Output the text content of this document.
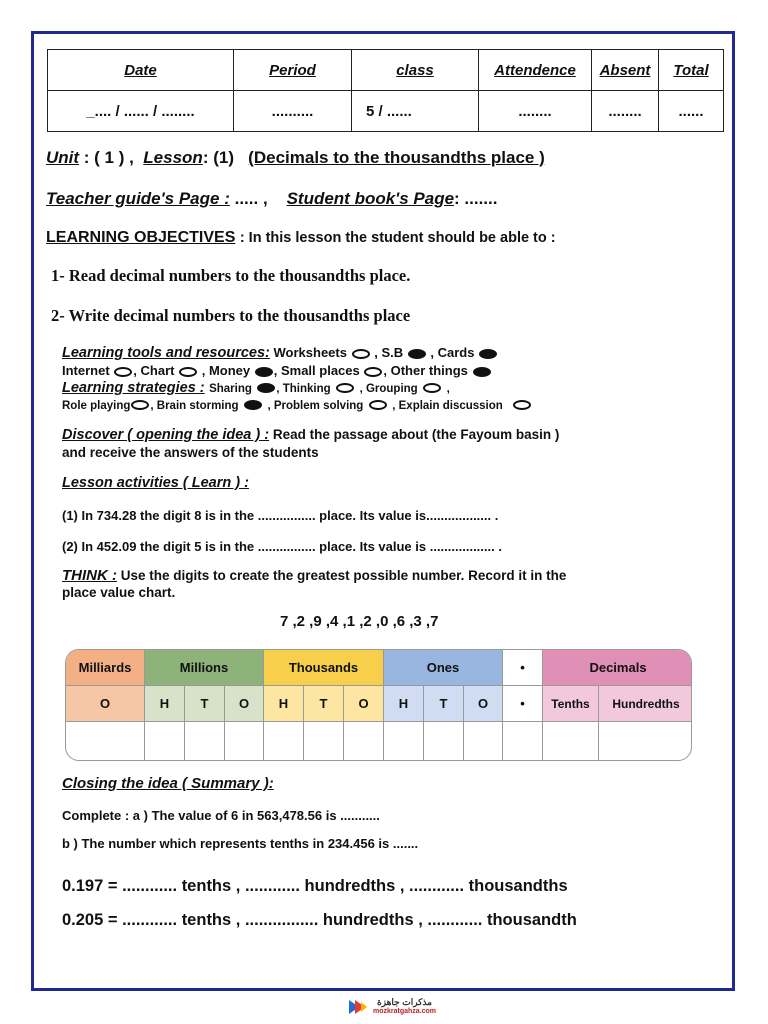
Date	Period	class	Attendence	Absent	Total
_.... / ...... / ........	..........	5 / ......	........	........	......
Unit : ( 1 ) , Lesson: (1) (Decimals to the thousandths place )
Teacher guide's Page : ..... , Student book's Page: .......
LEARNING OBJECTIVES : In this lesson the student should be able to :
1- Read decimal numbers to the thousandths place.
2- Write decimal numbers to the thousandths place
Learning tools and resources: Worksheets , S.B , Cards
Internet , Chart , Money , Small places , Other things
Learning strategies : Sharing , Thinking	, Grouping	,
Role playing , Brain storming	, Problem solving	, Explain discussion
Discover ( opening the idea ) : Read the passage about (the Fayoum basin )
and receive the answers of the students
Lesson activities ( Learn ) :
(1) In 734.28 the digit 8 is in the ................ place. Its value is.................. .
(2) In 452.09 the digit 5 is in the ................ place. Its value is .................. .
THINK : Use the digits to create the greatest possible number. Record it in the
place value chart.
7 ,2 ,9 ,4 ,1 ,2 ,0 ,6 ,3 ,7
Milliards	Millions	Thousands	Ones	•	Decimals
O	H	T	O	H	T	O	H	T	O	•	Tenths	Hundredths
Closing the idea ( Summary ):
Complete : a ) The value of 6 in 563,478.56 is ...........
b ) The number which represents tenths in 234.456 is .......
0.197 = ............ tenths , ............ hundredths , ............ thousandths
0.205 = ............ tenths , ................ hundredths , ............ thousandth
مذكرات جاهزة
mozkratgahza.com
